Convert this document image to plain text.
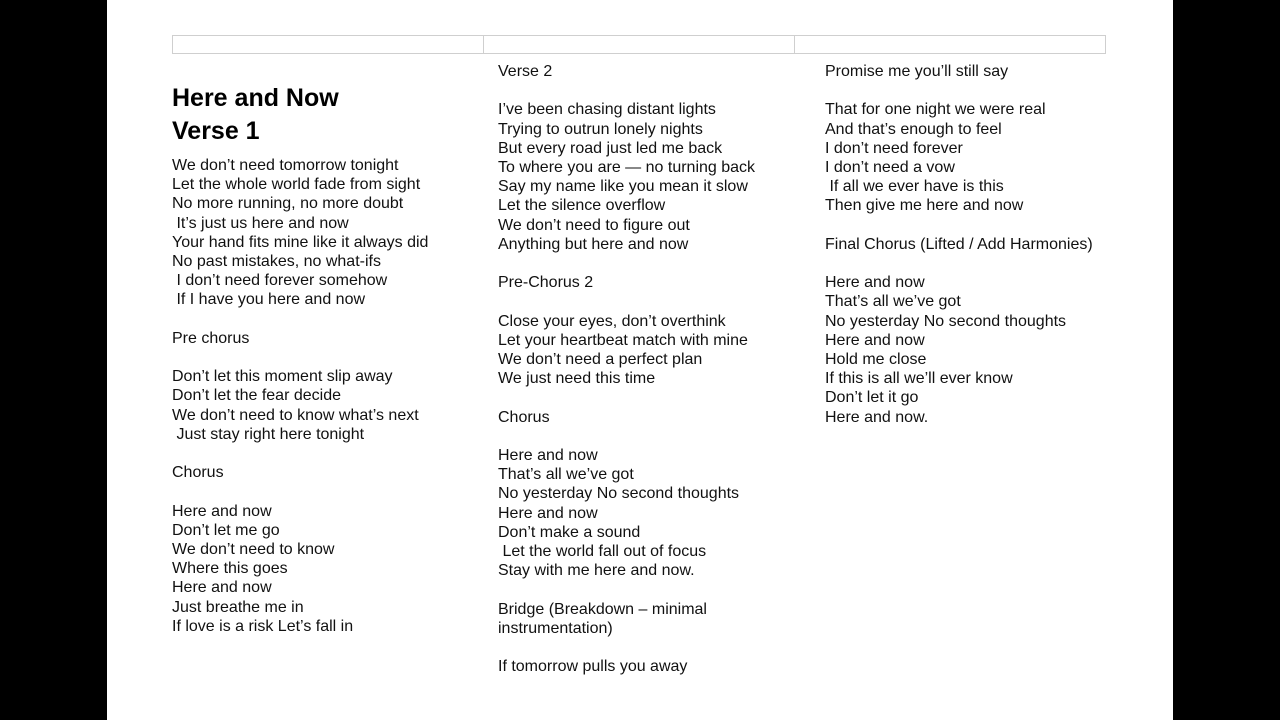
Here and Now
Verse 1
We don’t need tomorrow tonight
Let the whole world fade from sight
No more running, no more doubt
It’s just us here and now
Your hand fits mine like it always did
No past mistakes, no what-ifs
I don’t need forever somehow
If I have you here and now
Pre chorus
Don’t let this moment slip away
Don’t let the fear decide
We don’t need to know what’s next
Just stay right here tonight
Chorus
Here and now
Don’t let me go
We don’t need to know
Where this goes
Here and now
Just breathe me in
If love is a risk Let’s fall in
Verse 2
I’ve been chasing distant lights
Trying to outrun lonely nights
But every road just led me back
To where you are — no turning back
Say my name like you mean it slow
Let the silence overflow
We don’t need to figure out
Anything but here and now
Pre-Chorus 2
Close your eyes, don’t overthink
Let your heartbeat match with mine
We don’t need a perfect plan
We just need this time
Chorus
Here and now
That’s all we’ve got
No yesterday No second thoughts
Here and now
Don’t make a sound
Let the world fall out of focus
Stay with me here and now.
Bridge (Breakdown – minimal
instrumentation)
If tomorrow pulls you away
Promise me you’ll still say
That for one night we were real
And that’s enough to feel
I don’t need forever
I don’t need a vow
If all we ever have is this
Then give me here and now
Final Chorus (Lifted / Add Harmonies)
Here and now
That’s all we’ve got
No yesterday No second thoughts
Here and now
Hold me close
If this is all we’ll ever know
Don’t let it go
Here and now.
